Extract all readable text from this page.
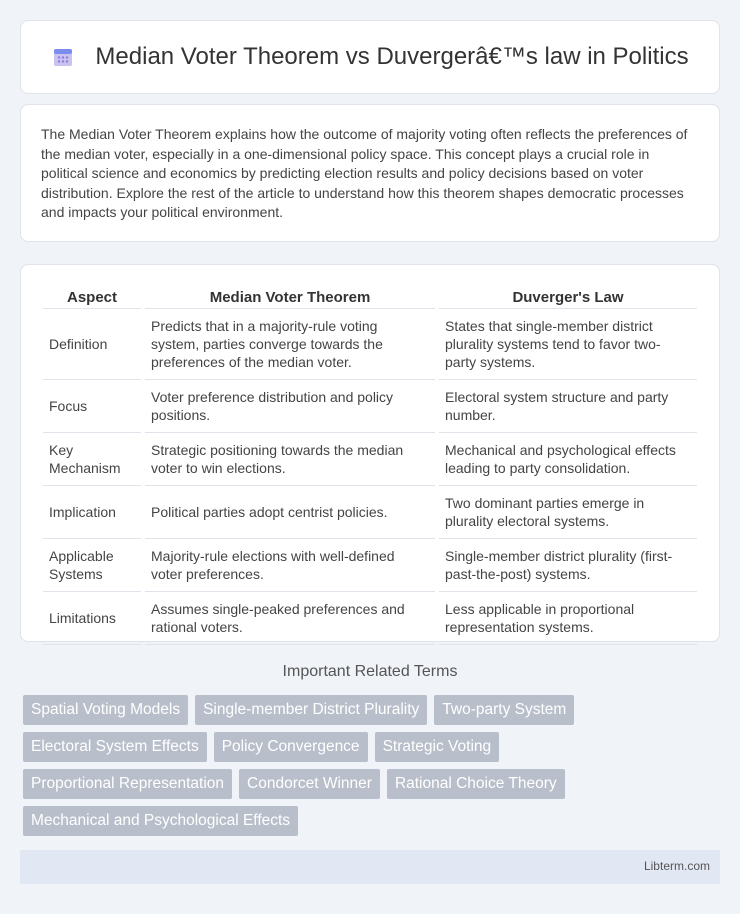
Median Voter Theorem vs Duvergerâ€™s law in Politics

The Median Voter Theorem explains how the outcome of majority voting often reflects the preferences of the median voter, especially in a one-dimensional policy space. This concept plays a crucial role in political science and economics by predicting election results and policy decisions based on voter distribution. Explore the rest of the article to understand how this theorem shapes democratic processes and impacts your political environment.

Aspect	Median Voter Theorem	Duverger's Law
Definition	Predicts that in a majority-rule voting system, parties converge towards the preferences of the median voter.	States that single-member district plurality systems tend to favor two-party systems.
Focus	Voter preference distribution and policy positions.	Electoral system structure and party number.
Key Mechanism	Strategic positioning towards the median voter to win elections.	Mechanical and psychological effects leading to party consolidation.
Implication	Political parties adopt centrist policies.	Two dominant parties emerge in plurality electoral systems.
Applicable Systems	Majority-rule elections with well-defined voter preferences.	Single-member district plurality (first-past-the-post) systems.
Limitations	Assumes single-peaked preferences and rational voters.	Less applicable in proportional representation systems.
Important Related Terms
Spatial Voting Models	Single-member District Plurality	Two-party System
Electoral System Effects	Policy Convergence	Strategic Voting
Proportional Representation	Condorcet Winner	Rational Choice Theory
Mechanical and Psychological Effects
Libterm.com
